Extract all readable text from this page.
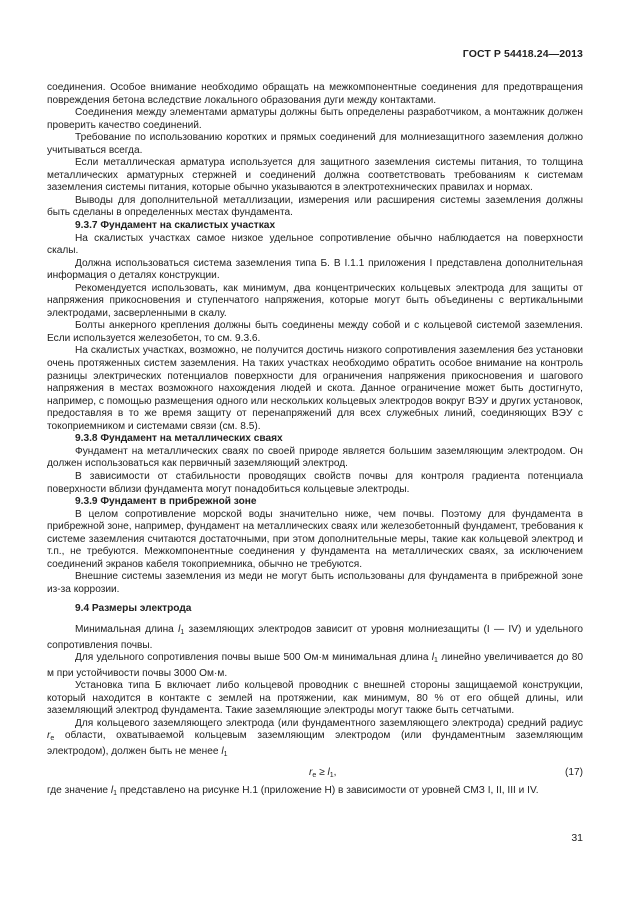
ГОСТ Р 54418.24—2013

соединения. Особое внимание необходимо обращать на межкомпонентные соединения для предотвращения повреждения бетона вследствие локального образования дуги между контактами.

Соединения между элементами арматуры должны быть определены разработчиком, а монтажник должен проверить качество соединений.

Требование по использованию коротких и прямых соединений для молниезащитного заземления должно учитываться всегда.

Если металлическая арматура используется для защитного заземления системы питания, то толщина металлических арматурных стержней и соединений должна соответствовать требованиям к системам заземления системы питания, которые обычно указываются в электротехнических правилах и нормах.

Выводы для дополнительной металлизации, измерения или расширения системы заземления должны быть сделаны в определенных местах фундамента.

9.3.7 Фундамент на скалистых участках

На скалистых участках самое низкое удельное сопротивление обычно наблюдается на поверхности скалы.

Должна использоваться система заземления типа Б. В I.1.1 приложения I представлена дополнительная информация о деталях конструкции.

Рекомендуется использовать, как минимум, два концентрических кольцевых электрода для защиты от напряжения прикосновения и ступенчатого напряжения, которые могут быть объединены с вертикальными электродами, засверленными в скалу.

Болты анкерного крепления должны быть соединены между собой и с кольцевой системой заземления. Если используется железобетон, то см. 9.3.6.

На скалистых участках, возможно, не получится достичь низкого сопротивления заземления без установки очень протяженных систем заземления. На таких участках необходимо обратить особое внимание на контроль разницы электрических потенциалов поверхности для ограничения напряжения прикосновения и шагового напряжения в местах возможного нахождения людей и скота. Данное ограничение может быть достигнуто, например, с помощью размещения одного или нескольких кольцевых электродов вокруг ВЭУ и других установок, предоставляя в то же время защиту от перенапряжений для всех служебных линий, соединяющих ВЭУ с токоприемником и системами связи (см. 8.5).

9.3.8 Фундамент на металлических сваях

Фундамент на металлических сваях по своей природе является большим заземляющим электродом. Он должен использоваться как первичный заземляющий электрод.

В зависимости от стабильности проводящих свойств почвы для контроля градиента потенциала поверхности вблизи фундамента могут понадобиться кольцевые электроды.

9.3.9 Фундамент в прибрежной зоне

В целом сопротивление морской воды значительно ниже, чем почвы. Поэтому для фундамента в прибрежной зоне, например, фундамент на металлических сваях или железобетонный фундамент, требования к системе заземления считаются достаточными, при этом дополнительные меры, такие как кольцевой электрод и т.п., не требуются. Межкомпонентные соединения у фундамента на металлических сваях, за исключением соединений экранов кабеля токоприемника, обычно не требуются.

Внешние системы заземления из меди не могут быть использованы для фундамента в прибрежной зоне из-за коррозии.

9.4 Размеры электрода

Минимальная длина $l_1$ заземляющих электродов зависит от уровня молниезащиты (I — IV) и удельного сопротивления почвы.

Для удельного сопротивления почвы выше 500 Ом·м минимальная длина $l_1$ линейно увеличивается до 80 м при устойчивости почвы 3000 Ом·м.

Установка типа Б включает либо кольцевой проводник с внешней стороны защищаемой конструкции, который находится в контакте с землей на протяжении, как минимум, 80 % от его общей длины, или заземляющий электрод фундамента. Такие заземляющие электроды могут также быть сетчатыми.

Для кольцевого заземляющего электрода (или фундаментного заземляющего электрода) средний радиус $r_e$ области, охватываемой кольцевым заземляющим электродом (или фундаментным заземляющим электродом), должен быть не менее $l_1$

$r_e \ge l_1$,	(17)

где значение $l_1$ представлено на рисунке Н.1 (приложение Н) в зависимости от уровней СМЗ I, II, III и IV.

31
